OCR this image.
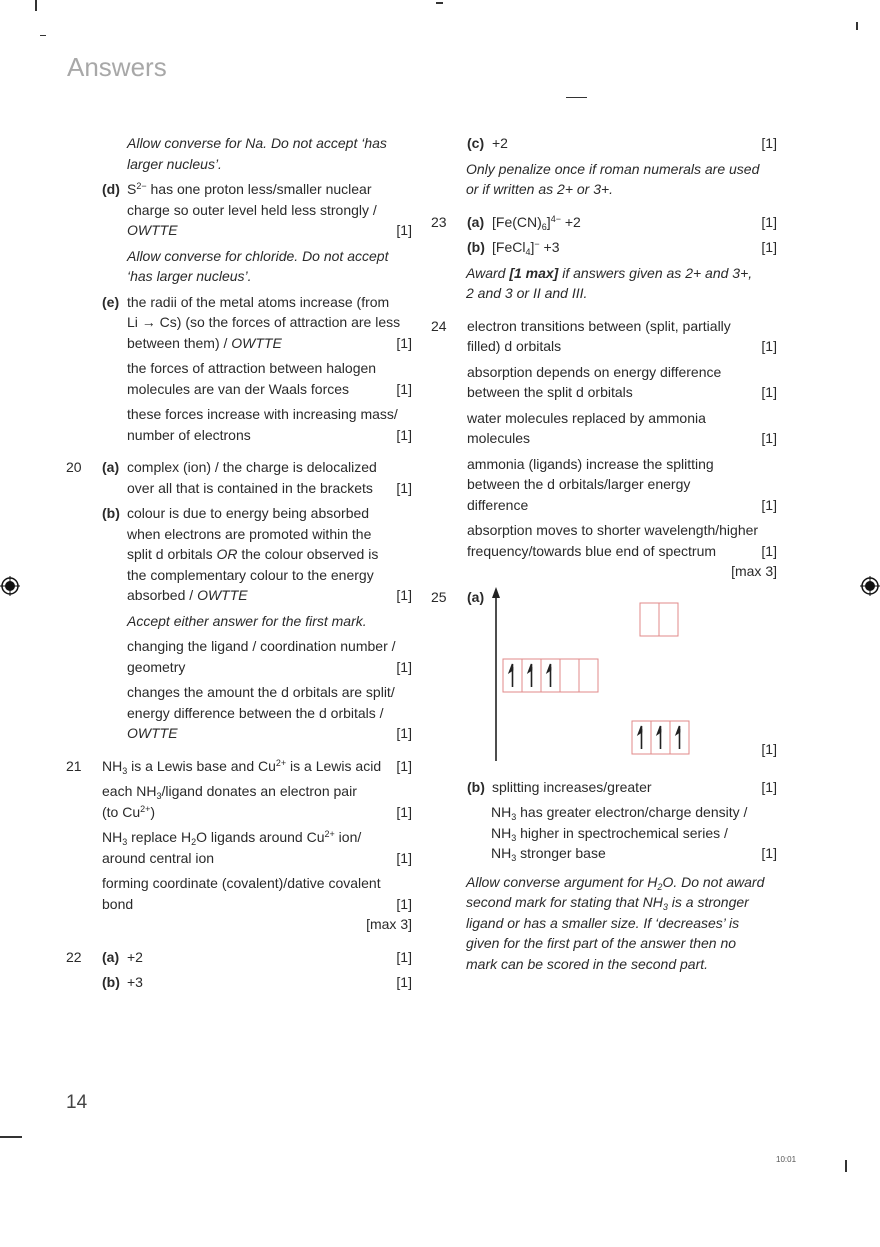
Answers
14
10:01
Allow converse for Na. Do not accept ‘has
larger nucleus’.
(d) $S^{2-}$ has one proton less/smaller nuclear
charge so outer level held less strongly /
OWTTE	[1]
Allow converse for chloride. Do not accept
‘has larger nucleus’.
(e) the radii of the metal atoms increase (from
Li → Cs) (so the forces of attraction are less
between them) / OWTTE	[1]
the forces of attraction between halogen
molecules are van der Waals forces	[1]
these forces increase with increasing mass/
number of electrons	[1]
20	(a) complex (ion) / the charge is delocalized
over all that is contained in the brackets	[1]
(b) colour is due to energy being absorbed
when electrons are promoted within the
split d orbitals OR the colour observed is
the complementary colour to the energy
absorbed / OWTTE	[1]
Accept either answer for the first mark.
changing the ligand / coordination number /
geometry	[1]
changes the amount the d orbitals are split/
energy difference between the d orbitals /
OWTTE	[1]
21	$NH_3$ is a Lewis base and $Cu^{2+}$ is a Lewis acid	[1]
each $NH_3$/ligand donates an electron pair
(to $Cu^{2+}$)	[1]
$NH_3$ replace $H_2O$ ligands around $Cu^{2+}$ ion/
around central ion	[1]
forming coordinate (covalent)/dative covalent
bond	[1]
[max 3]
22	(a) +2	[1]
(b) +3	[1]
(c) +2	[1]
Only penalize once if roman numerals are used
or if written as 2+ or 3+.
23	(a) $[Fe(CN)_6]^{4-} +2$	[1]
(b) [FeCl$_4$]− +3	[1]
Award [1 max] if answers given as 2+ and 3+,
2 and 3 or II and III.
24	electron transitions between (split, partially
filled) d orbitals	[1]
absorption depends on energy difference
between the split d orbitals	[1]
water molecules replaced by ammonia
molecules	[1]
ammonia (ligands) increase the splitting
between the d orbitals/larger energy
difference	[1]
absorption moves to shorter wavelength/higher
frequency/towards blue end of spectrum	[1]
[max 3]
25	(a)
[1]
(b) splitting increases/greater	[1]
$NH_3$ has greater electron/charge density /
$NH_3$ higher in spectrochemical series /
$NH_3$ stronger base	[1]
Allow converse argument for $H_2O$. Do not award
second mark for stating that $NH_3$ is a stronger
ligand or has a smaller size. If ‘decreases’ is
given for the first part of the answer then no
mark can be scored in the second part.
